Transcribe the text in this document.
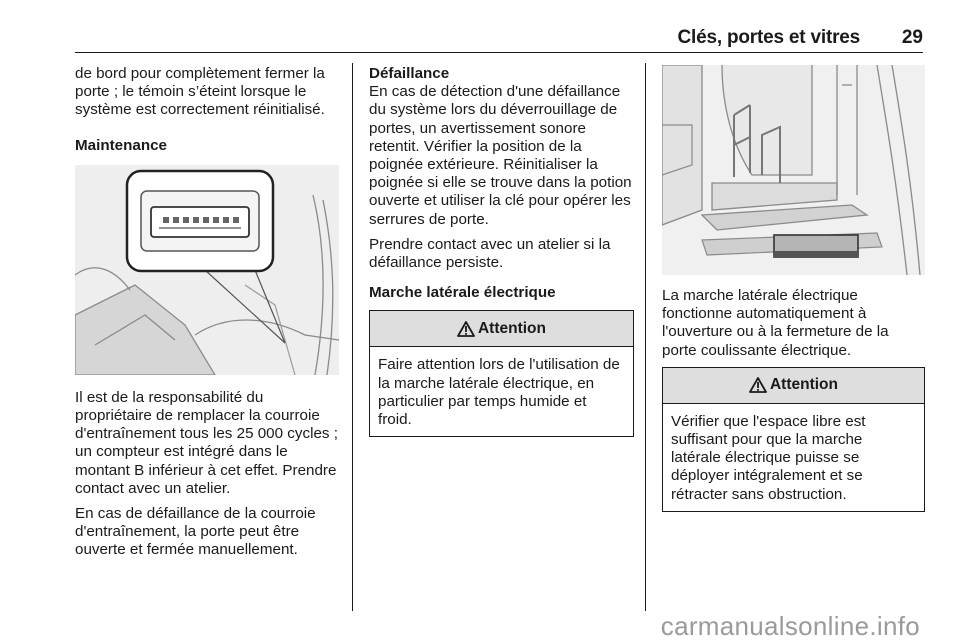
Clés, portes et vitres 29

de bord pour complètement fermer la porte ; le témoin s’éteint lorsque le système est correctement réinitialisé.

Maintenance

Il est de la responsabilité du propriétaire de remplacer la courroie d'entraînement tous les 25 000 cycles ; un compteur est intégré dans le montant B inférieur à cet effet. Prendre contact avec un atelier.

En cas de défaillance de la courroie d'entraînement, la porte peut être ouverte et fermée manuellement.

Défaillance

En cas de détection d'une défaillance du système lors du déverrouillage de portes, un avertissement sonore retentit. Vérifier la position de la poignée extérieure. Réinitialiser la poignée si elle se trouve dans la potion ouverte et utiliser la clé pour opérer les serrures de porte.

Prendre contact avec un atelier si la défaillance persiste.

Marche latérale électrique
Attention
Faire attention lors de l'utilisation de la marche latérale électrique, en particulier par temps humide et froid.

La marche latérale électrique fonctionne automatiquement à l'ouverture ou à la fermeture de la porte coulissante électrique.

Attention
Vérifier que l'espace libre est suffisant pour que la marche latérale électrique puisse se déployer intégralement et se rétracter sans obstruction.
carmanualsonline.info
